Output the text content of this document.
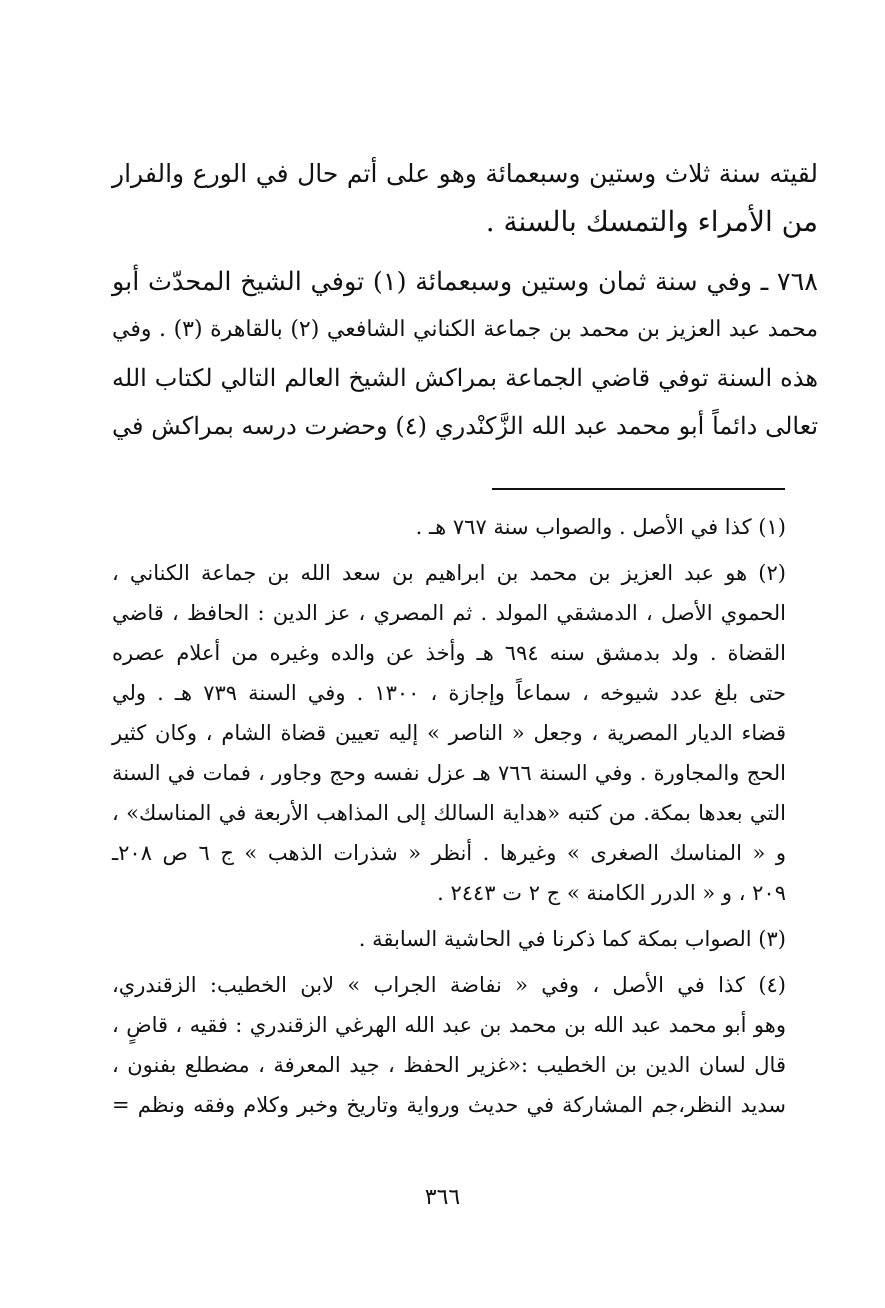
لقيته سنة ثلاث وستين وسبعمائة وهو على أتم حال في الورع والفرار
من الأمراء والتمسك بالسنة .
٧٦٨ ـ وفي سنة ثمان وستين وسبعمائة (١) توفي الشيخ المحدّث أبو
محمد عبد العزيز بن محمد بن جماعة الكناني الشافعي (٢) بالقاهرة (٣) . وفي
هذه السنة توفي قاضي الجماعة بمراكش الشيخ العالم التالي لكتاب الله
تعالى دائماً أبو محمد عبد الله الزَّكنْدري (٤) وحضرت درسه بمراكش في
(١) كذا في الأصل . والصواب سنة ٧٦٧ هـ .
(٢) هو عبد العزيز بن محمد بن ابراهيم بن سعد الله بن جماعة الكناني ،
الحموي الأصل ، الدمشقي المولد . ثم المصري ، عز الدين : الحافظ ، قاضي
القضاة . ولد بدمشق سنه ٦٩٤ هـ وأخذ عن والده وغيره من أعلام عصره
حتى بلغ عدد شيوخه ، سماعاً وإجازة ، ١٣٠٠ . وفي السنة ٧٣٩ هـ . ولي
قضاء الديار المصرية ، وجعل « الناصر » إليه تعيين قضاة الشام ، وكان كثير
الحج والمجاورة . وفي السنة ٧٦٦ هـ عزل نفسه وحج وجاور ، فمات في السنة
التي بعدها بمكة. من كتبه «هداية السالك إلى المذاهب الأربعة في المناسك» ،
و « المناسك الصغرى » وغيرها . أنظر « شذرات الذهب » ج ٦ ص ٢٠٨ـ
٢٠٩ ، و « الدرر الكامنة » ج ٢ ت ٢٤٤٣ .
(٣) الصواب بمكة كما ذكرنا في الحاشية السابقة .
(٤) كذا في الأصل ، وفي « نفاضة الجراب » لابن الخطيب: الزقندري،
وهو أبو محمد عبد الله بن محمد بن عبد الله الهرغي الزقندري : فقيه ، قاضٍ ،
قال لسان الدين بن الخطيب :«غزير الحفظ ، جيد المعرفة ، مضطلع بفنون ،
سديد النظر،جم المشاركة في حديث ورواية وتاريخ وخبر وكلام وفقه ونظم =
٣٦٦
